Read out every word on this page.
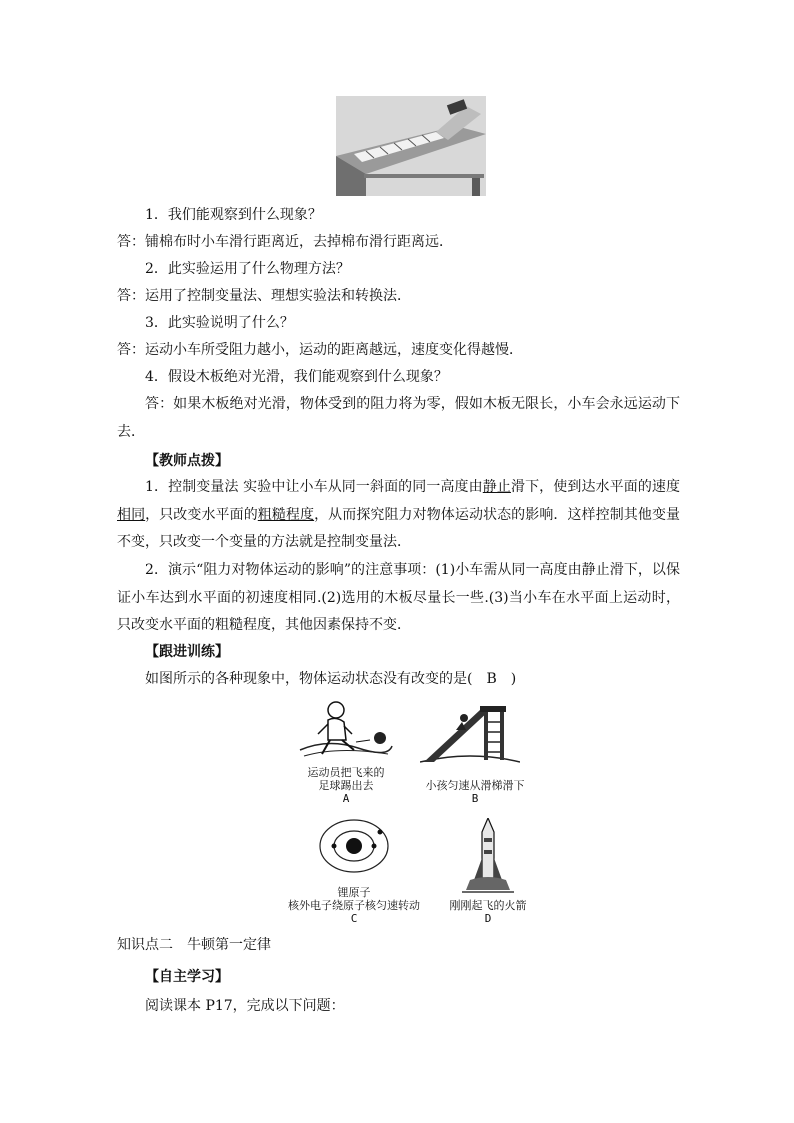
1．我们能观察到什么现象？
答：铺棉布时小车滑行距离近，去掉棉布滑行距离远．
2．此实验运用了什么物理方法？
答：运用了控制变量法、理想实验法和转换法．
3．此实验说明了什么？
答：运动小车所受阻力越小，运动的距离越远，速度变化得越慢．
4．假设木板绝对光滑，我们能观察到什么现象？
答：如果木板绝对光滑，物体受到的阻力将为零，假如木板无限长，小车会永远运动下去．
【教师点拨】
1．控制变量法 实验中让小车从同一斜面的同一高度由静止滑下，使到达水平面的速度相同，只改变水平面的粗糙程度，从而探究阻力对物体运动状态的影响．这样控制其他变量不变，只改变一个变量的方法就是控制变量法．
2．演示“阻力对物体运动的影响”的注意事项：(1)小车需从同一高度由静止滑下，以保证小车达到水平面的初速度相同.(2)选用的木板尽量长一些.(3)当小车在水平面上运动时，只改变水平面的粗糙程度，其他因素保持不变．
【跟进训练】
如图所示的各种现象中，物体运动状态没有改变的是(　B　)
运动员把飞来的
足球踢出去
A
小孩匀速从滑梯滑下
B
锂原子
核外电子绕原子核匀速转动
C
刚刚起飞的火箭
D
知识点二　牛顿第一定律
【自主学习】
阅读课本 P17，完成以下问题：
